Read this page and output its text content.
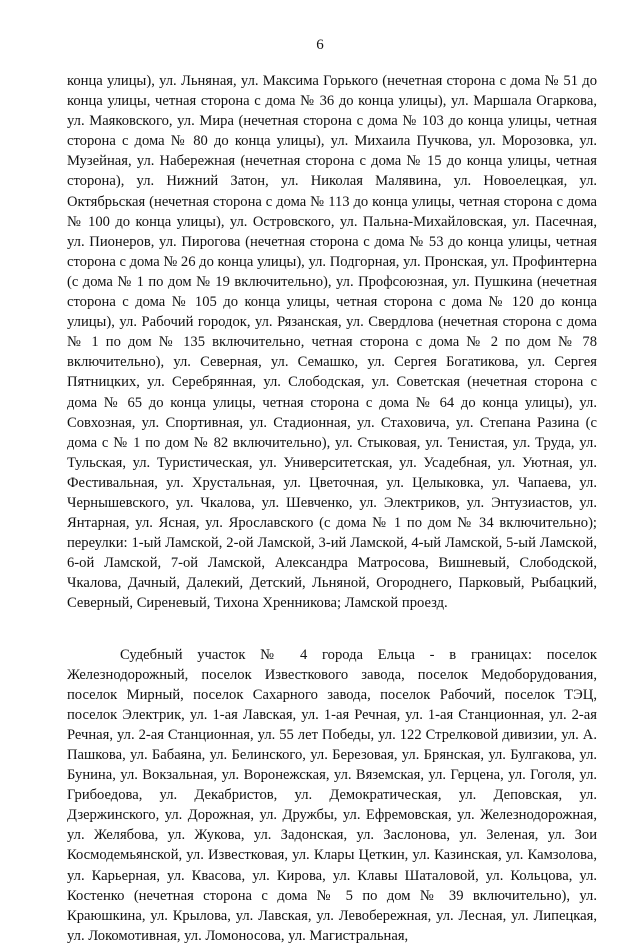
6

конца улицы), ул. Льняная, ул. Максима Горького (нечетная сторона с дома № 51 до конца улицы, четная сторона с дома № 36 до конца улицы), ул. Маршала Огаркова, ул. Маяковского, ул. Мира (нечетная сторона с дома № 103 до конца улицы, четная сторона с дома № 80 до конца улицы), ул. Михаила Пучкова, ул. Морозовка, ул. Музейная, ул. Набережная (нечетная сторона с дома № 15 до конца улицы, четная сторона), ул. Нижний Затон, ул. Николая Малявина, ул. Новоелецкая, ул. Октябрьская (нечетная сторона с дома № 113 до конца улицы, четная сторона с дома № 100 до конца улицы), ул. Островского, ул. Пальна-Михайловская, ул. Пасечная, ул. Пионеров, ул. Пирогова (нечетная сторона с дома № 53 до конца улицы, четная сторона с дома № 26 до конца улицы), ул. Подгорная, ул. Пронская, ул. Профинтерна (с дома № 1 по дом № 19 включительно), ул. Профсоюзная, ул. Пушкина (нечетная сторона с дома № 105 до конца улицы, четная сторона с дома № 120 до конца улицы), ул. Рабочий городок, ул. Рязанская, ул. Свердлова (нечетная сторона с дома № 1 по дом № 135 включительно, четная сторона с дома № 2 по дом № 78 включительно), ул. Северная, ул. Семашко, ул. Сергея Богатикова, ул. Сергея Пятницких, ул. Серебрянная, ул. Слободская, ул. Советская (нечетная сторона с дома № 65 до конца улицы, четная сторона с дома № 64 до конца улицы), ул. Совхозная, ул. Спортивная, ул. Стадионная, ул. Стаховича, ул. Степана Разина (с дома с № 1 по дом № 82 включительно), ул. Стыковая, ул. Тенистая, ул. Труда, ул. Тульская, ул. Туристическая, ул. Университетская, ул. Усадебная, ул. Уютная, ул. Фестивальная, ул. Хрустальная, ул. Цветочная, ул. Целыковка, ул. Чапаева, ул. Чернышевского, ул. Чкалова, ул. Шевченко, ул. Электриков, ул. Энтузиастов, ул. Янтарная, ул. Ясная, ул. Ярославского (с дома № 1 по дом № 34 включительно); переулки: 1-ый Ламской, 2-ой Ламской, 3-ий Ламской, 4-ый Ламской, 5-ый Ламской, 6-ой Ламской, 7-ой Ламской, Александра Матросова, Вишневый, Слободской, Чкалова, Дачный, Далекий, Детский, Льняной, Огороднего, Парковый, Рыбацкий, Северный, Сиреневый, Тихона Хренникова; Ламской проезд.

Судебный участок № 4 города Ельца - в границах: поселок Железнодорожный, поселок Известкового завода, поселок Медоборудования, поселок Мирный, поселок Сахарного завода, поселок Рабочий, поселок ТЭЦ, поселок Электрик, ул. 1-ая Лавская, ул. 1-ая Речная, ул. 1-ая Станционная, ул. 2-ая Речная, ул. 2-ая Станционная, ул. 55 лет Победы, ул. 122 Стрелковой дивизии, ул. А. Пашкова, ул. Бабаяна, ул. Белинского, ул. Березовая, ул. Брянская, ул. Булгакова, ул. Бунина, ул. Вокзальная, ул. Воронежская, ул. Вяземская, ул. Герцена, ул. Гоголя, ул. Грибоедова, ул. Декабристов, ул. Демократическая, ул. Деповская, ул. Дзержинского, ул. Дорожная, ул. Дружбы, ул. Ефремовская, ул. Железнодорожная, ул. Желябова, ул. Жукова, ул. Задонская, ул. Заслонова, ул. Зеленая, ул. Зои Космодемьянской, ул. Известковая, ул. Клары Цеткин, ул. Казинская, ул. Камзолова, ул. Карьерная, ул. Квасова, ул. Кирова, ул. Клавы Шаталовой, ул. Кольцова, ул. Костенко (нечетная сторона с дома № 5 по дом № 39 включительно), ул. Краюшкина, ул. Крылова, ул. Лавская, ул. Левобережная, ул. Лесная, ул. Липецкая, ул. Локомотивная, ул. Ломоносова, ул. Магистральная,
